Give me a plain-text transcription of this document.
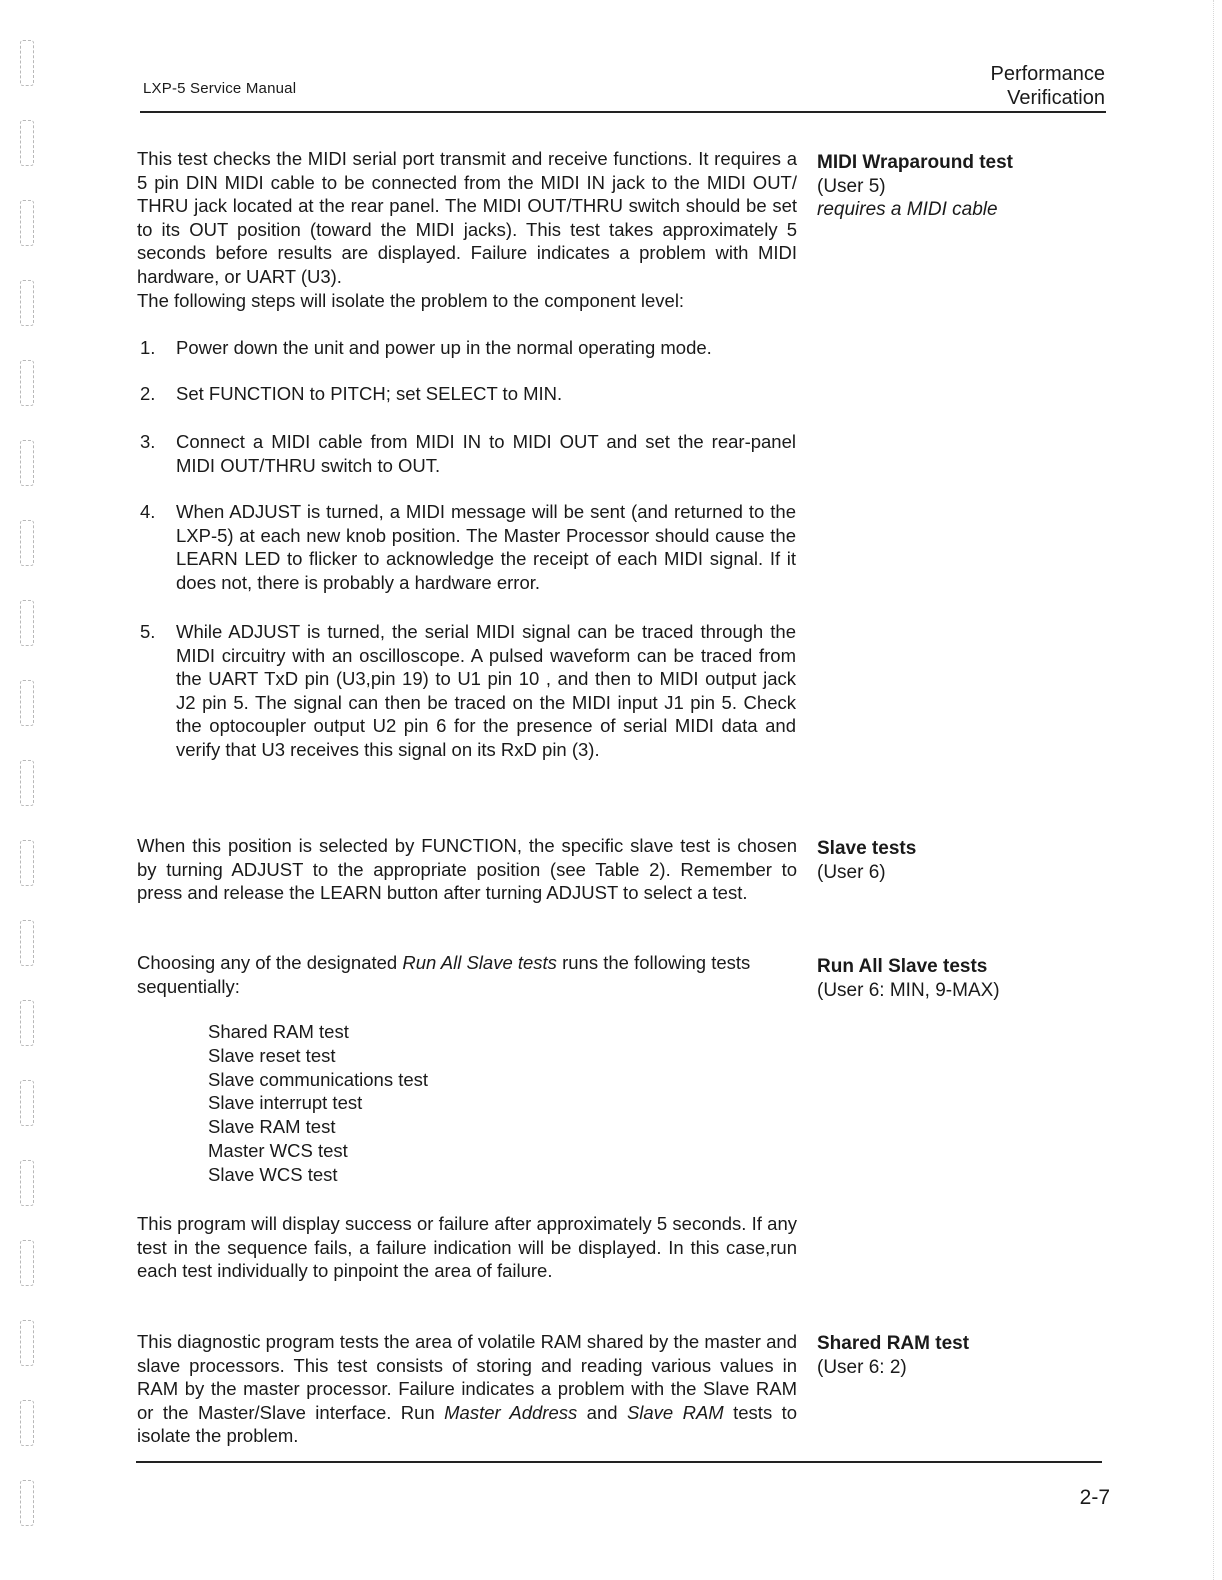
LXP-5 Service Manual
Performance
Verification

This test checks the MIDI serial port transmit and receive functions. It requires a 5 pin DIN MIDI cable to be connected from the MIDI IN jack to the MIDI OUT/ THRU jack located at the rear panel. The MIDI OUT/THRU switch should be set to its OUT position (toward the MIDI jacks). This test takes approximately 5 seconds before results are displayed. Failure indicates a problem with MIDI hardware, or UART (U3).

The following steps will isolate the problem to the component level:

MIDI Wraparound test
(User 5)
requires a MIDI cable
1. Power down the unit and power up in the normal operating mode.
2. Set FUNCTION to PITCH; set SELECT to MIN.
3. Connect a MIDI cable from MIDI IN to MIDI OUT and set the rear-panel MIDI OUT/THRU switch to OUT.
4. When ADJUST is turned, a MIDI message will be sent (and returned to the LXP-5) at each new knob position. The Master Processor should cause the LEARN LED to flicker to acknowledge the receipt of each MIDI signal. If it does not, there is probably a hardware error.
5. While ADJUST is turned, the serial MIDI signal can be traced through the MIDI circuitry with an oscilloscope. A pulsed waveform can be traced from the UART TxD pin (U3,pin 19) to U1 pin 10 , and then to MIDI output jack J2 pin 5. The signal can then be traced on the MIDI input J1 pin 5. Check the optocoupler output U2 pin 6 for the presence of serial MIDI data and verify that U3 receives this signal on its RxD pin (3).
When this position is selected by FUNCTION, the specific slave test is chosen by turning ADJUST to the appropriate position (see Table 2). Remember to press and release the LEARN button after turning ADJUST to select a test.
Slave tests
(User 6)
Choosing any of the designated Run All Slave tests runs the following tests sequentially:
Run All Slave tests
(User 6: MIN, 9-MAX)
Shared RAM test
Slave reset test
Slave communications test
Slave interrupt test
Slave RAM test
Master WCS test
Slave WCS test
This program will display success or failure after approximately 5 seconds. If any test in the sequence fails, a failure indication will be displayed. In this case,run each test individually to pinpoint the area of failure.
This diagnostic program tests the area of volatile RAM shared by the master and slave processors. This test consists of storing and reading various values in RAM by the master processor. Failure indicates a problem with the Slave RAM or the Master/Slave interface. Run Master Address and Slave RAM tests to isolate the problem.
Shared RAM test
(User 6: 2)
2-7
